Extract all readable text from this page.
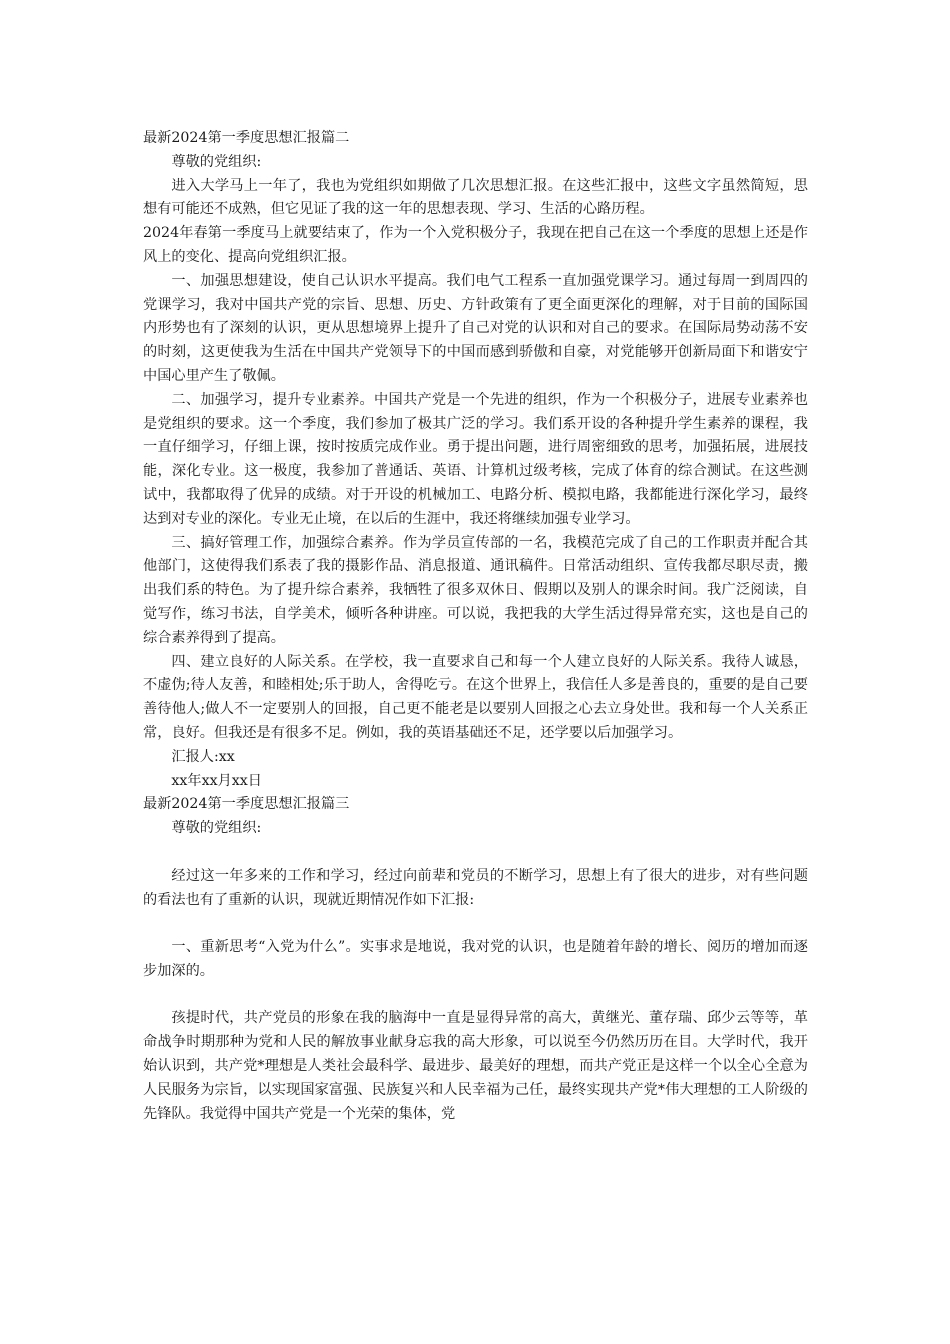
最新2024第一季度思想汇报篇二

尊敬的党组织:

进入大学马上一年了，我也为党组织如期做了几次思想汇报。在这些汇报中，这些文字虽然简短，思想有可能还不成熟，但它见证了我的这一年的思想表现、学习、生活的心路历程。

2024年春第一季度马上就要结束了，作为一个入党积极分子，我现在把自己在这一个季度的思想上还是作风上的变化、提高向党组织汇报。

一、加强思想建设，使自己认识水平提高。我们电气工程系一直加强党课学习。通过每周一到周四的党课学习，我对中国共产党的宗旨、思想、历史、方针政策有了更全面更深化的理解，对于目前的国际国内形势也有了深刻的认识，更从思想境界上提升了自己对党的认识和对自己的要求。在国际局势动荡不安的时刻，这更使我为生活在中国共产党领导下的中国而感到骄傲和自豪，对党能够开创新局面下和谐安宁中国心里产生了敬佩。

二、加强学习，提升专业素养。中国共产党是一个先进的组织，作为一个积极分子，进展专业素养也是党组织的要求。这一个季度，我们参加了极其广泛的学习。我们系开设的各种提升学生素养的课程，我一直仔细学习，仔细上课，按时按质完成作业。勇于提出问题，进行周密细致的思考，加强拓展，进展技能，深化专业。这一极度，我参加了普通话、英语、计算机过级考核，完成了体育的综合测试。在这些测试中，我都取得了优异的成绩。对于开设的机械加工、电路分析、模拟电路，我都能进行深化学习，最终达到对专业的深化。专业无止境，在以后的生涯中，我还将继续加强专业学习。

三、搞好管理工作，加强综合素养。作为学员宣传部的一名，我模范完成了自己的工作职责并配合其他部门，这使得我们系表了我的摄影作品、消息报道、通讯稿件。日常活动组织、宣传我都尽职尽责，搬出我们系的特色。为了提升综合素养，我牺牲了很多双休日、假期以及别人的课余时间。我广泛阅读，自觉写作，练习书法，自学美术，倾听各种讲座。可以说，我把我的大学生活过得异常充实，这也是自己的综合素养得到了提高。

四、建立良好的人际关系。在学校，我一直要求自己和每一个人建立良好的人际关系。我待人诚恳，不虚伪;待人友善，和睦相处;乐于助人，舍得吃亏。在这个世界上，我信任人多是善良的，重要的是自己要善待他人;做人不一定要别人的回报，自己更不能老是以要别人回报之心去立身处世。我和每一个人关系正常，良好。但我还是有很多不足。例如，我的英语基础还不足，还学要以后加强学习。

汇报人:xx

xx年xx月xx日

最新2024第一季度思想汇报篇三

尊敬的党组织:

经过这一年多来的工作和学习，经过向前辈和党员的不断学习，思想上有了很大的进步，对有些问题的看法也有了重新的认识，现就近期情况作如下汇报:

一、重新思考“入党为什么”。实事求是地说，我对党的认识，也是随着年龄的增长、阅历的增加而逐步加深的。

孩提时代，共产党员的形象在我的脑海中一直是显得异常的高大，黄继光、董存瑞、邱少云等等，革命战争时期那种为党和人民的解放事业献身忘我的高大形象，可以说至今仍然历历在目。大学时代，我开始认识到，共产党*理想是人类社会最科学、最进步、最美好的理想，而共产党正是这样一个以全心全意为人民服务为宗旨，以实现国家富强、民族复兴和人民幸福为己任，最终实现共产党*伟大理想的工人阶级的先锋队。我觉得中国共产党是一个光荣的集体，党
